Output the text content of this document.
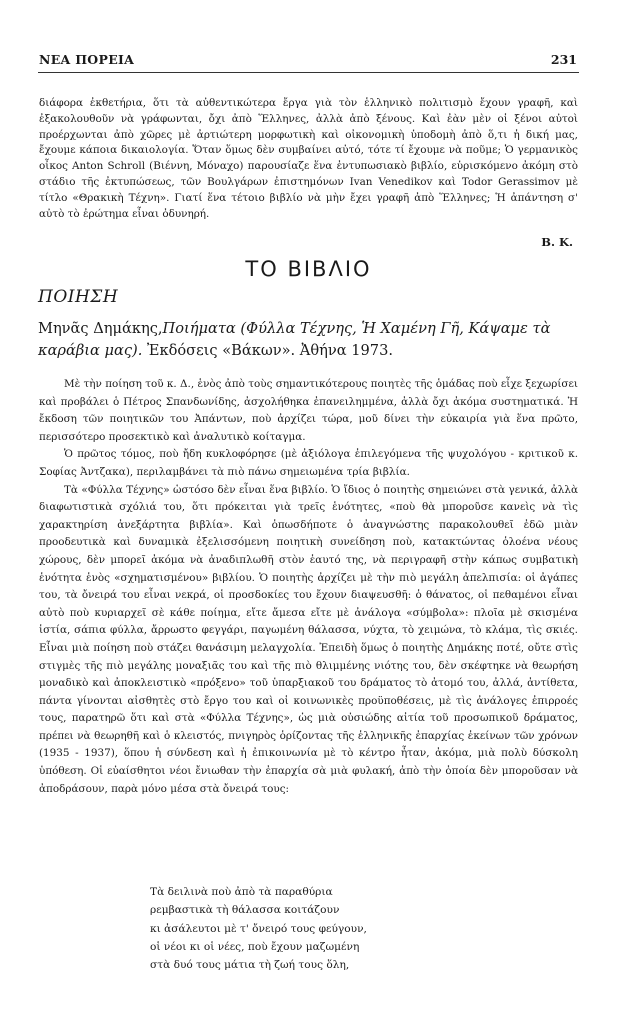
ΝΕΑ ΠΟΡΕΙΑ	231

διάφορα ἐκθετήρια, ὅτι τὰ αὐθεντικώτερα ἔργα γιὰ τὸν ἑλληνικὸ πολιτισμὸ ἔχουν γραφῆ, καὶ ἐξακολουθοῦν νὰ γράφωνται, ὄχι ἀπὸ Ἕλληνες, ἀλλὰ ἀπὸ ξένους. Καὶ ἐὰν μὲν οἱ ξένοι αὐτοὶ προέρχωνται ἀπὸ χῶρες μὲ ἀρτιώτερη μορφωτικὴ καὶ οἰκονομικὴ ὑποδομὴ ἀπὸ ὅ,τι ἡ δική μας, ἔχουμε κάποια δικαιολογία. Ὅταν ὅμως δὲν συμβαίνει αὐτό, τότε τί ἔχουμε νὰ ποῦμε; Ὁ γερμανικὸς οἶκος Anton Schroll (Βιέννη, Μόναχο) παρουσίαζε ἕνα ἐντυπωσιακὸ βιβλίο, εὑρισκόμενο ἀκόμη στὸ στάδιο τῆς ἐκτυπώσεως, τῶν Βουλγάρων ἐπιστημόνων Ivan Venedikov καὶ Todor Gerassimov μὲ τίτλο «Θρακικὴ Τέχνη». Γιατί ἕνα τέτοιο βιβλίο νὰ μὴν ἔχει γραφῆ ἀπὸ Ἕλληνες; Ἡ ἀπάντηση σ' αὐτὸ τὸ ἐρώτημα εἶναι ὀδυνηρή.

Β. Κ.
ΤΟ ΒΙΒΛΙΟ
ΠΟΙΗΣΗ

Μηνᾶς Δημάκης,Ποιήματα (Φύλλα Τέχνης, Ἡ Χαμένη Γῆ, Κάψαμε τὰ καράβια μας). Ἐκδόσεις «Βάκων». Ἀθήνα 1973.

Μὲ τὴν ποίηση τοῦ κ. Δ., ἑνὸς ἀπὸ τοὺς σημαντικότερους ποιητὲς τῆς ὁμάδας ποὺ εἶχε ξεχωρίσει καὶ προβάλει ὁ Πέτρος Σπανδωνίδης, ἀσχολήθηκα ἐπανειλημμένα, ἀλλὰ ὄχι ἀκόμα συστηματικά. Ἡ ἔκδοση τῶν ποιητικῶν του Ἀπάντων, ποὺ ἀρχίζει τώρα, μοῦ δίνει τὴν εὐκαιρία γιὰ ἕνα πρῶτο, περισσότερο προσεκτικὸ καὶ ἀναλυτικὸ κοίταγμα.

Ὁ πρῶτος τόμος, ποὺ ἤδη κυκλοφόρησε (μὲ ἀξιόλογα ἐπιλεγόμενα τῆς ψυχολόγου - κριτικοῦ κ. Σοφίας Ἀντζακα), περιλαμβάνει τὰ πιὸ πάνω σημειωμένα τρία βιβλία.

Τὰ «Φύλλα Τέχνης» ὡστόσο δὲν εἶναι ἕνα βιβλίο. Ὁ ἴδιος ὁ ποιητὴς σημειώνει στὰ γενικά, ἀλλὰ διαφωτιστικὰ σχόλιά του, ὅτι πρόκειται γιὰ τρεῖς ἑνότητες, «ποὺ θὰ μποροῦσε κανεὶς νὰ τὶς χαρακτηρίση ἀνεξάρτητα βιβλία». Καὶ ὁπωσδήποτε ὁ ἀναγνώστης παρακολουθεῖ ἐδῶ μιὰν προοδευτικὰ καὶ δυναμικὰ ἐξελισσόμενη ποιητικὴ συνείδηση ποὺ, κατακτώντας ὁλοένα νέους χώρους, δὲν μπορεῖ ἀκόμα νὰ ἀναδιπλωθῆ στὸν ἑαυτό της, νὰ περιγραφῆ στὴν κάπως συμβατικὴ ἑνότητα ἑνὸς «σχηματισμένου» βιβλίου. Ὁ ποιητὴς ἀρχίζει μὲ τὴν πιὸ μεγάλη ἀπελπισία: οἱ ἀγάπες του, τὰ ὄνειρά του εἶναι νεκρά, οἱ προσδοκίες του ἔχουν διαψευσθῆ: ὁ θάνατος, οἱ πεθαμένοι εἶναι αὐτὸ ποὺ κυριαρχεῖ σὲ κάθε ποίημα, εἴτε ἄμεσα εἴτε μὲ ἀνάλογα «σύμβολα»: πλοῖα μὲ σκισμένα ἱστία, σάπια φύλλα, ἄρρωστο φεγγάρι, παγωμένη θάλασσα, νύχτα, τὸ χειμώνα, τὸ κλάμα, τὶς σκιές. Εἶναι μιὰ ποίηση ποὺ στάζει θανάσιμη μελαγχολία. Ἐπειδὴ ὅμως ὁ ποιητὴς Δημάκης ποτέ, οὔτε στὶς στιγμὲς τῆς πιὸ μεγάλης μοναξιᾶς του καὶ τῆς πιὸ θλιμμένης νιότης του, δὲν σκέφτηκε νὰ θεωρήση μοναδικὸ καὶ ἀποκλειστικὸ «πρόξενο» τοῦ ὑπαρξιακοῦ του δράματος τὸ ἀτομό του, ἀλλά, ἀντίθετα, πάντα γίνονται αἰσθητὲς στὸ ἔργο του καὶ οἱ κοινωνικὲς προϋποθέσεις, μὲ τὶς ἀνάλογες ἐπιρροές τους, παρατηρῶ ὅτι καὶ στὰ «Φύλλα Τέχνης», ὡς μιὰ οὐσιώδης αἰτία τοῦ προσωπικοῦ δράματος, πρέπει νὰ θεωρηθῆ καὶ ὁ κλειστός, πνιγηρὸς ὁρίζοντας τῆς ἑλληνικῆς ἐπαρχίας ἐκείνων τῶν χρόνων (1935 - 1937), ὅπου ἡ σύνδεση καὶ ἡ ἐπικοινωνία μὲ τὸ κέντρο ἦταν, ἀκόμα, μιὰ πολὺ δύσκολη ὑπόθεση. Οἱ εὐαίσθητοι νέοι ἔνιωθαν τὴν ἐπαρχία σὰ μιὰ φυλακή, ἀπὸ τὴν ὁποία δὲν μποροῦσαν νὰ ἀποδράσουν, παρὰ μόνο μέσα στὰ ὄνειρά τους:

Τὰ δειλινὰ ποὺ ἀπὸ τὰ παραθύρια
ρεμβαστικὰ τὴ θάλασσα κοιτάζουν
κι ἀσάλευτοι μὲ τ' ὄνειρό τους φεύγουν,
οἱ νέοι κι οἱ νέες, ποὺ ἔχουν μαζωμένη
στὰ δυό τους μάτια τὴ ζωή τους ὅλη,
